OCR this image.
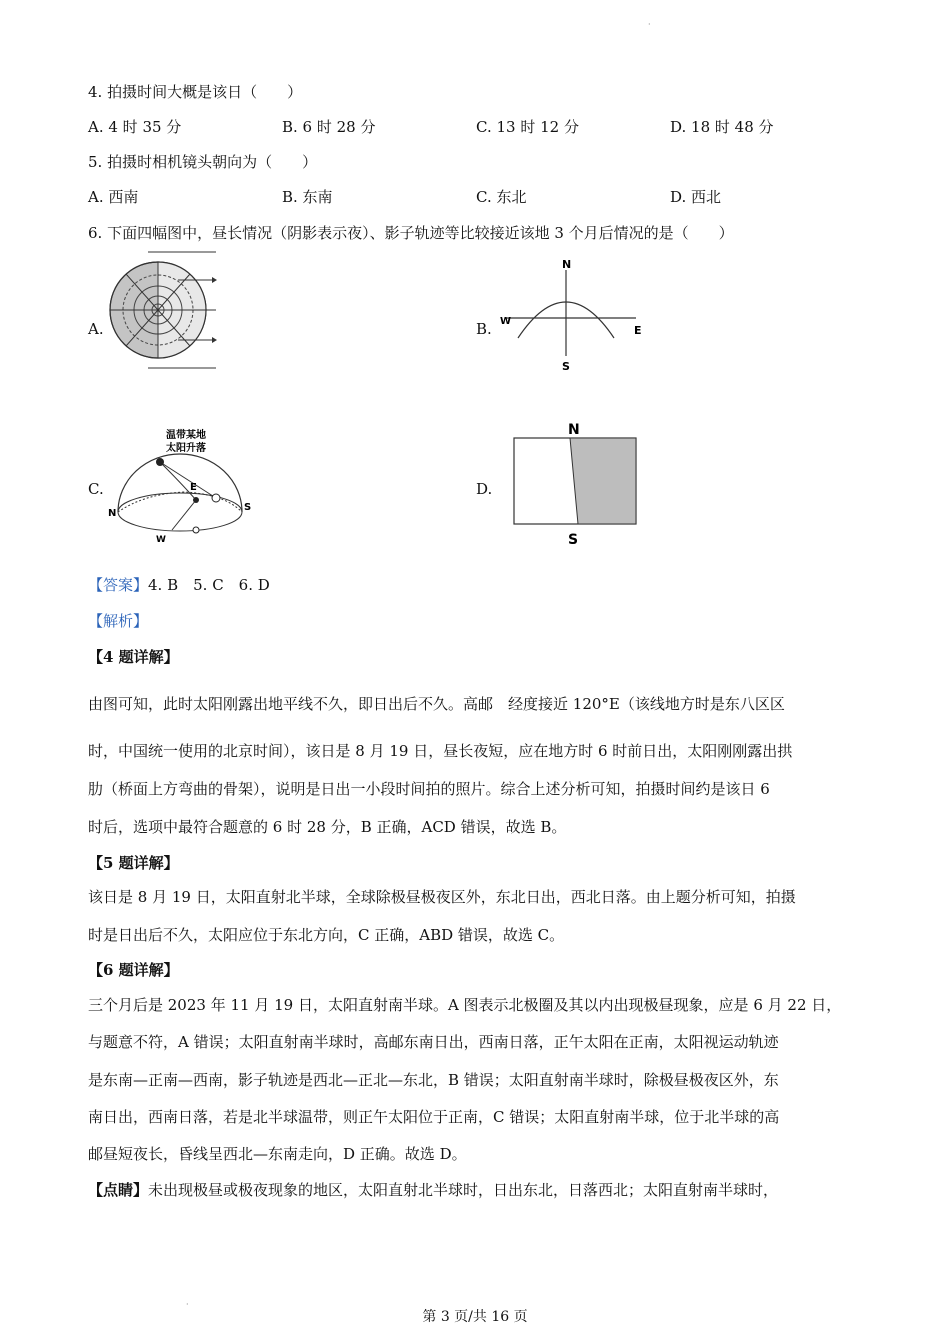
·
4. 拍摄时间大概是该日（　　）
A. 4 时 35 分	B. 6 时 28 分	C. 13 时 12 分	D. 18 时 48 分
5. 拍摄时相机镜头朝向为（　　）
A. 西南	B. 东南	C. 东北	D. 西北
6. 下面四幅图中，昼长情况（阴影表示夜）、影子轨迹等比较接近该地 3 个月后情况的是（　　）
A.	B.
C.	D.
N
S
W
E
温带某地
太阳升落
N
S
E
W
N
S
【答案】4. B　5. C　6. D
【解析】
【4 题详解】
由图可知，此时太阳刚露出地平线不久，即日出后不久。高邮　经度接近 120°E（该线地方时是东八区区
时，中国统一使用的北京时间），该日是 8 月 19 日，昼长夜短，应在地方时 6 时前日出，太阳刚刚露出拱
肋（桥面上方弯曲的骨架），说明是日出一小段时间拍的照片。综合上述分析可知，拍摄时间约是该日 6
时后，选项中最符合题意的 6 时 28 分，B 正确，ACD 错误，故选 B。
【5 题详解】
该日是 8 月 19 日，太阳直射北半球，全球除极昼极夜区外，东北日出，西北日落。由上题分析可知，拍摄
时是日出后不久，太阳应位于东北方向，C 正确，ABD 错误，故选 C。
【6 题详解】
三个月后是 2023 年 11 月 19 日，太阳直射南半球。A 图表示北极圈及其以内出现极昼现象，应是 6 月 22 日，
与题意不符，A 错误；太阳直射南半球时，高邮东南日出，西南日落，正午太阳在正南，太阳视运动轨迹
是东南—正南—西南，影子轨迹是西北—正北—东北，B 错误；太阳直射南半球时，除极昼极夜区外，东
南日出，西南日落，若是北半球温带，则正午太阳位于正南，C 错误；太阳直射南半球，位于北半球的高
邮昼短夜长，昏线呈西北—东南走向，D 正确。故选 D。
【点睛】未出现极昼或极夜现象的地区，太阳直射北半球时，日出东北，日落西北；太阳直射南半球时，
·
第 3 页/共 16 页
